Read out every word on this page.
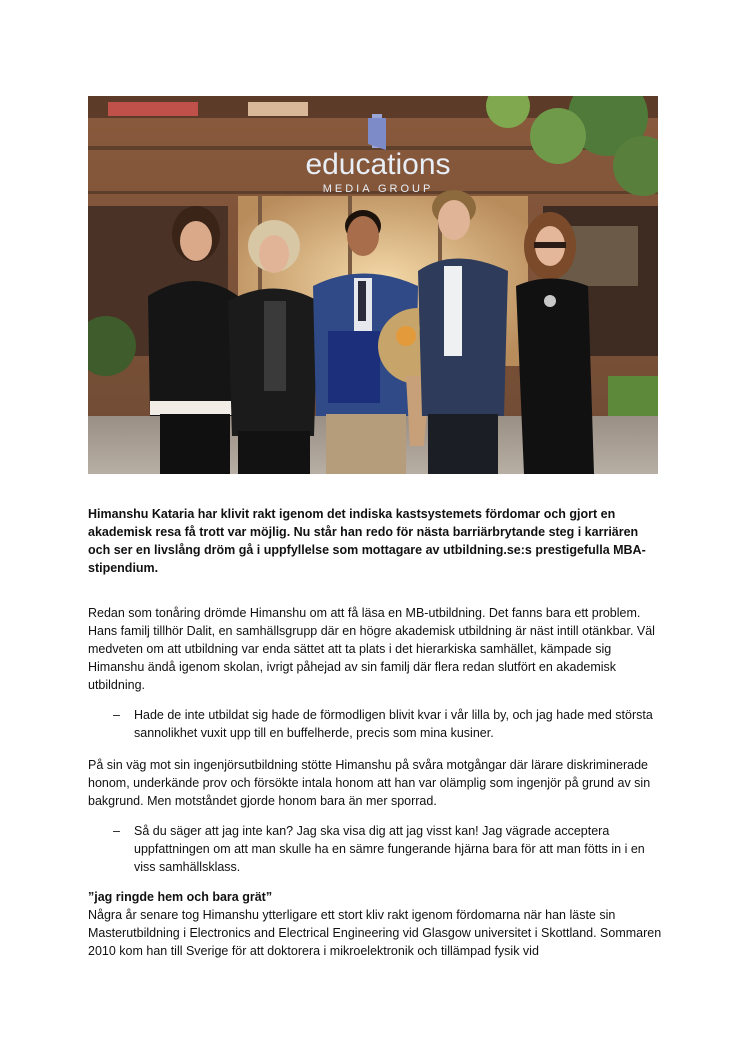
educations
MEDIA GROUP

Himanshu Kataria har klivit rakt igenom det indiska kastsystemets fördomar och gjort en akademisk resa få trott var möjlig. Nu står han redo för nästa barriärbrytande steg i karriären och ser en livslång dröm gå i uppfyllelse som mottagare av utbildning.se:s prestigefulla MBA-stipendium.

Redan som tonåring drömde Himanshu om att få läsa en MB-utbildning. Det fanns bara ett problem. Hans familj tillhör Dalit, en samhällsgrupp där en högre akademisk utbildning är näst intill otänkbar. Väl medveten om att utbildning var enda sättet att ta plats i det hierarkiska samhället, kämpade sig Himanshu ändå igenom skolan, ivrigt påhejad av sin familj där flera redan slutfört en akademisk utbildning.

– Hade de inte utbildat sig hade de förmodligen blivit kvar i vår lilla by, och jag hade med största sannolikhet vuxit upp till en buffelherde, precis som mina kusiner.

På sin väg mot sin ingenjörsutbildning stötte Himanshu på svåra motgångar där lärare diskriminerade honom, underkände prov och försökte intala honom att han var olämplig som ingenjör på grund av sin bakgrund. Men motståndet gjorde honom bara än mer sporrad.

– Så du säger att jag inte kan? Jag ska visa dig att jag visst kan! Jag vägrade acceptera uppfattningen om att man skulle ha en sämre fungerande hjärna bara för att man fötts in i en viss samhällsklass.

”jag ringde hem och bara grät”

Några år senare tog Himanshu ytterligare ett stort kliv rakt igenom fördomarna när han läste sin Masterutbildning i Electronics and Electrical Engineering vid Glasgow universitet i Skottland. Sommaren 2010 kom han till Sverige för att doktorera i mikroelektronik och tillämpad fysik vid
